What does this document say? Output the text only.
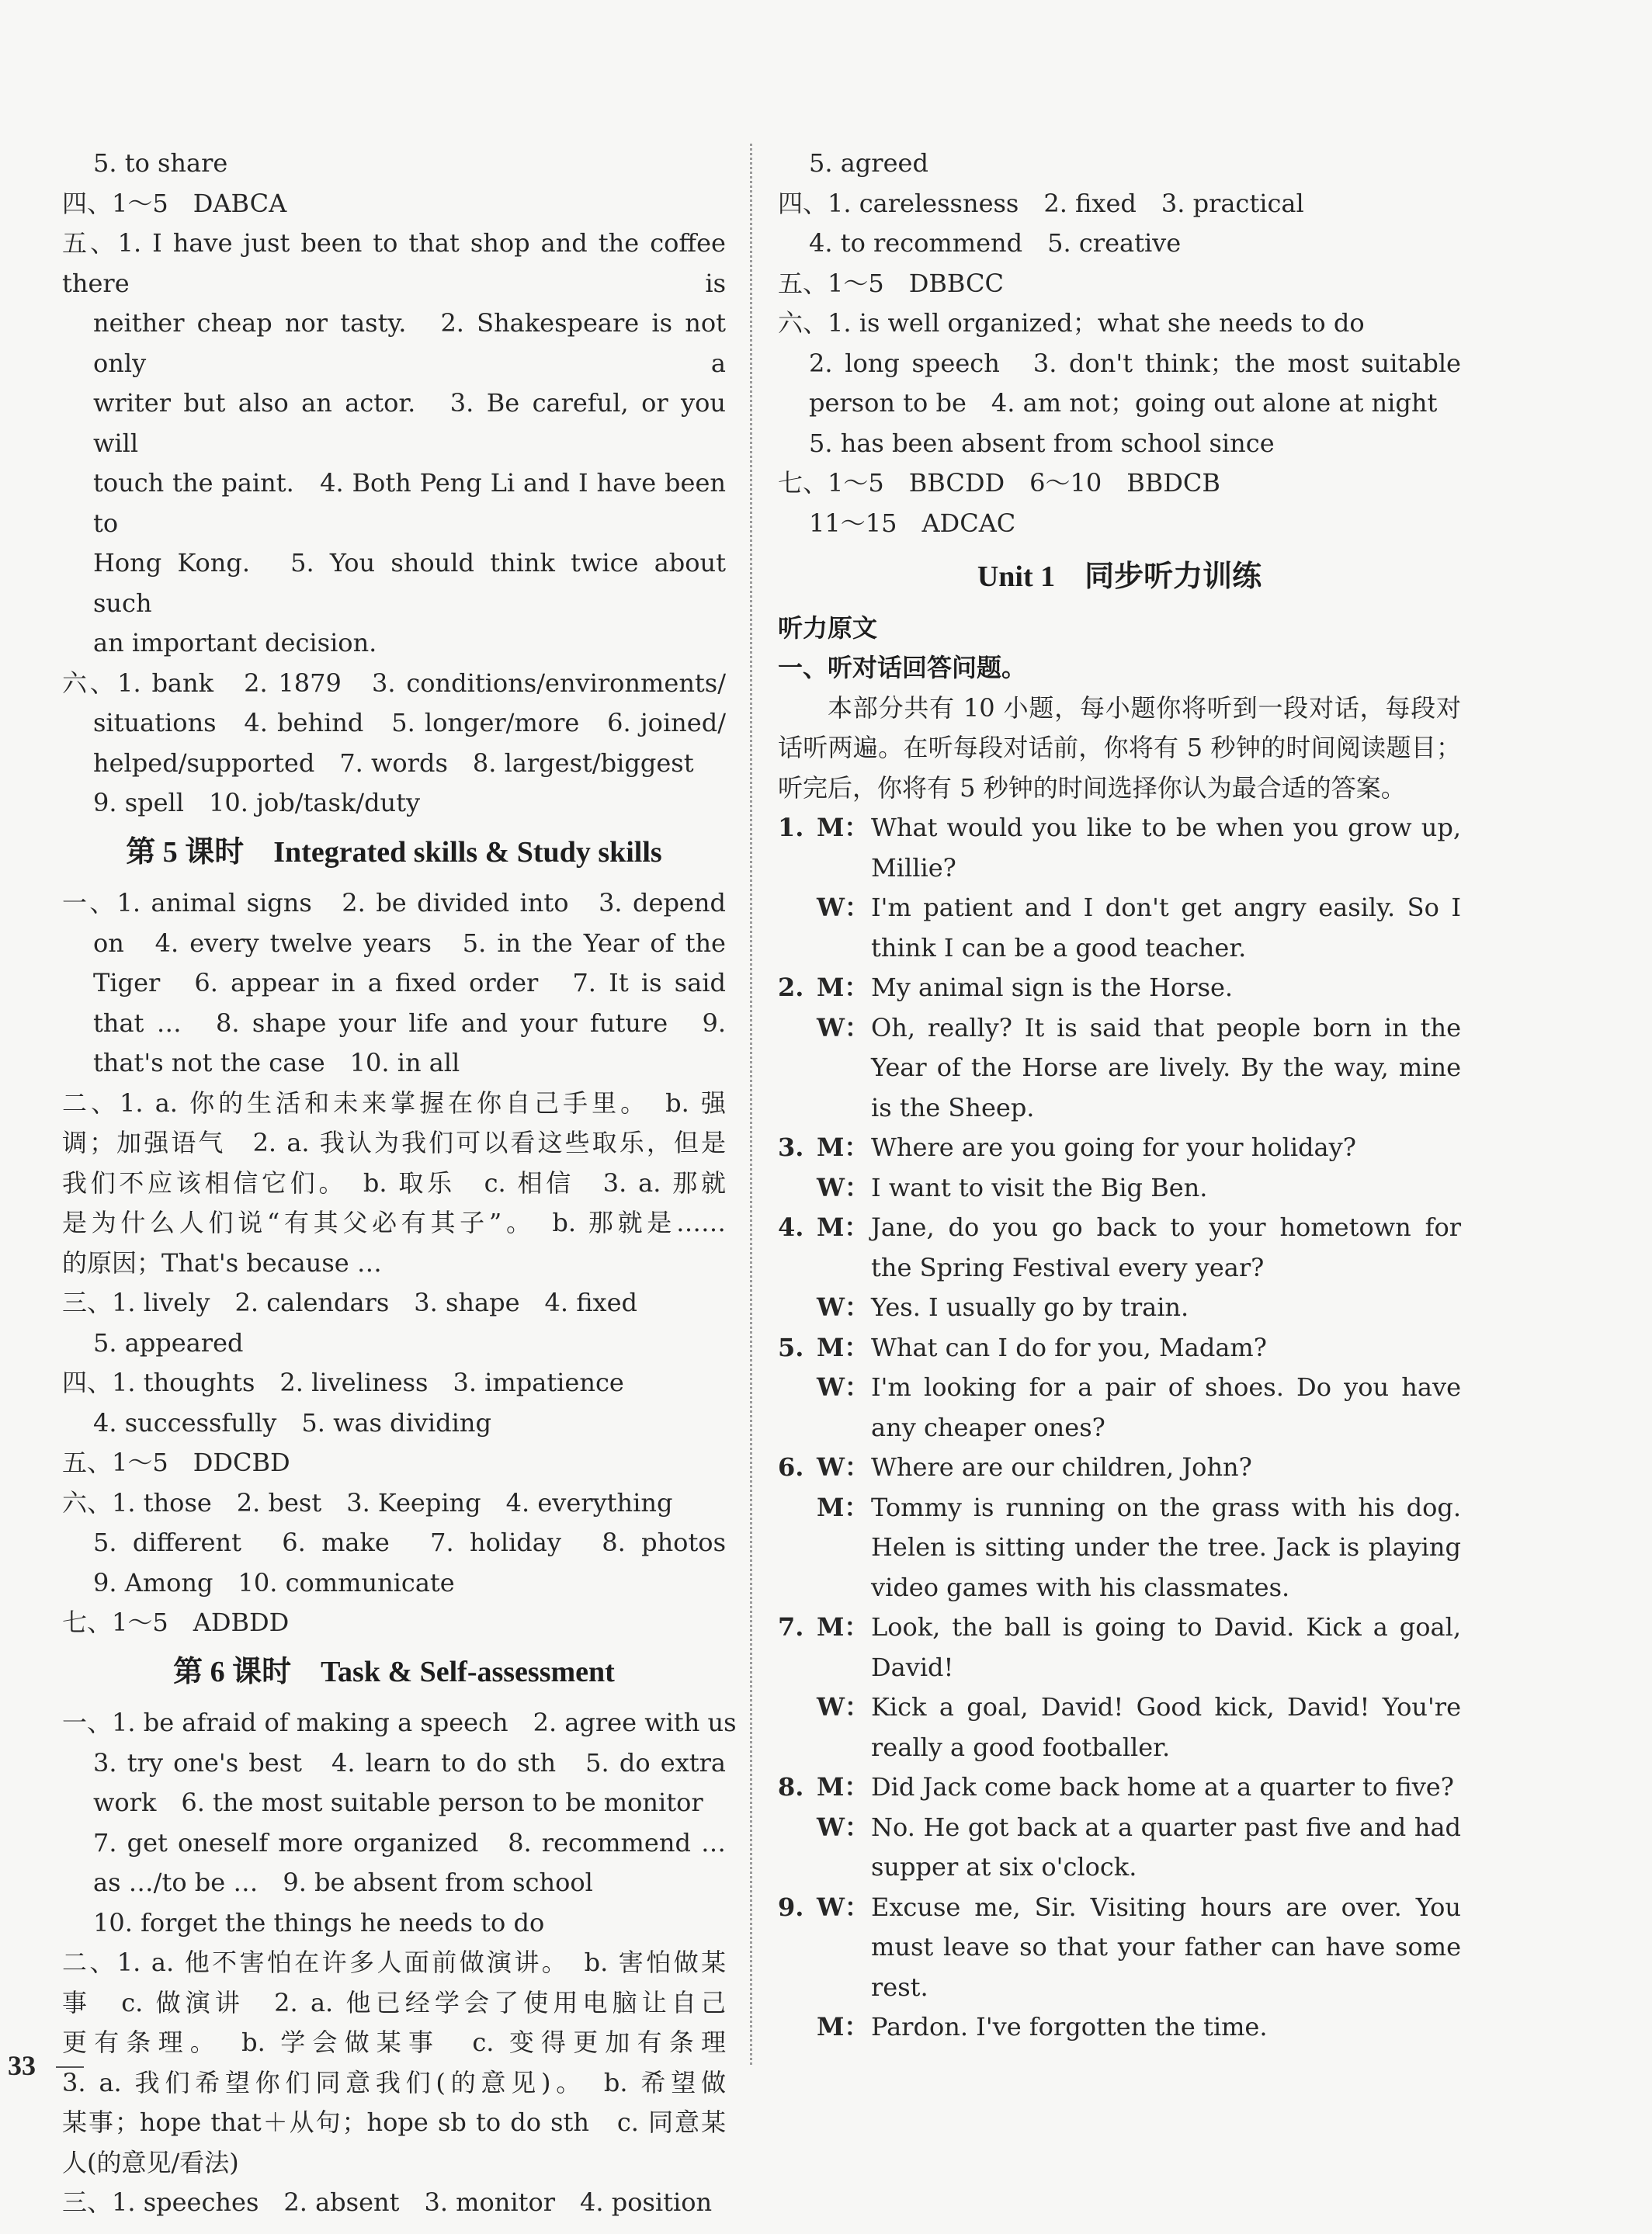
5. to share
四、1～5　DABCA
五、1. I have just been to that shop and the coffee there is
neither cheap nor tasty.　2. Shakespeare is not only a
writer but also an actor.　3. Be careful, or you will
touch the paint.　4. Both Peng Li and I have been to
Hong Kong.　5. You should think twice about such
an important decision.
六、1. bank　2. 1879　3. conditions/environments/
situations　4. behind　5. longer/more　6. joined/
helped/supported　7. words　8. largest/biggest
9. spell　10. job/task/duty
第 5 课时　Integrated skills & Study skills
一、1. animal signs　2. be divided into　3. depend
on　4. every twelve years　5. in the Year of the
Tiger　6. appear in a fixed order　7. It is said
that …　8. shape your life and your future　9.
that's not the case　10. in all
二、1. a. 你的生活和未来掌握在你自己手里。　b. 强
调；加强语气　2. a. 我认为我们可以看这些取乐，但是
我们不应该相信它们。　b. 取乐　c. 相信　3. a. 那就
是为什么人们说“有其父必有其子”。　b. 那就是……
的原因；That's because …
三、1. lively　2. calendars　3. shape　4. fixed
5. appeared
四、1. thoughts　2. liveliness　3. impatience
4. successfully　5. was dividing
五、1～5　DDCBD
六、1. those　2. best　3. Keeping　4. everything
5. different　6. make　7. holiday　8. photos
9. Among　10. communicate
七、1～5　ADBDD
第 6 课时　Task & Self-assessment
一、1. be afraid of making a speech　2. agree with us
3. try one's best　4. learn to do sth　5. do extra
work　6. the most suitable person to be monitor
7. get oneself more organized　8. recommend …
as …/to be …　9. be absent from school
10. forget the things he needs to do
二、1. a. 他不害怕在许多人面前做演讲。　b. 害怕做某
事　c. 做演讲　2. a. 他已经学会了使用电脑让自己
更有条理。　b. 学会做某事　c. 变得更加有条理
3. a. 我们希望你们同意我们(的意见)。　b. 希望做
某事；hope that＋从句；hope sb to do sth　c. 同意某
人(的意见/看法)
三、1. speeches　2. absent　3. monitor　4. position
5. agreed
四、1. carelessness　2. fixed　3. practical
4. to recommend　5. creative
五、1～5　DBBCC
六、1. is well organized；what she needs to do
2. long speech　3. don't think；the most suitable
person to be　4. am not；going out alone at night
5. has been absent from school since
七、1～5　BBCDD　6～10　BBDCB
11～15　ADCAC
Unit 1　同步听力训练
听力原文
一、听对话回答问题。
本部分共有 10 小题，每小题你将听到一段对话，每段对话听两遍。在听每段对话前，你将有 5 秒钟的时间阅读题目；听完后，你将有 5 秒钟的时间选择你认为最合适的答案。
1. M： What would you like to be when you grow up, Millie?
W： I'm patient and I don't get angry easily. So I think I can be a good teacher.
2. M： My animal sign is the Horse.
W： Oh, really? It is said that people born in the Year of the Horse are lively. By the way, mine is the Sheep.
3. M： Where are you going for your holiday?
W： I want to visit the Big Ben.
4. M： Jane, do you go back to your hometown for the Spring Festival every year?
W： Yes. I usually go by train.
5. M： What can I do for you, Madam?
W： I'm looking for a pair of shoes. Do you have any cheaper ones?
6. W： Where are our children, John?
M： Tommy is running on the grass with his dog. Helen is sitting under the tree. Jack is playing video games with his classmates.
7. M： Look, the ball is going to David. Kick a goal, David!
W： Kick a goal, David! Good kick, David! You're really a good footballer.
8. M： Did Jack come back home at a quarter to five?
W： No. He got back at a quarter past five and had supper at six o'clock.
9. W： Excuse me, Sir. Visiting hours are over. You must leave so that your father can have some rest.
M： Pardon. I've forgotten the time.
33
